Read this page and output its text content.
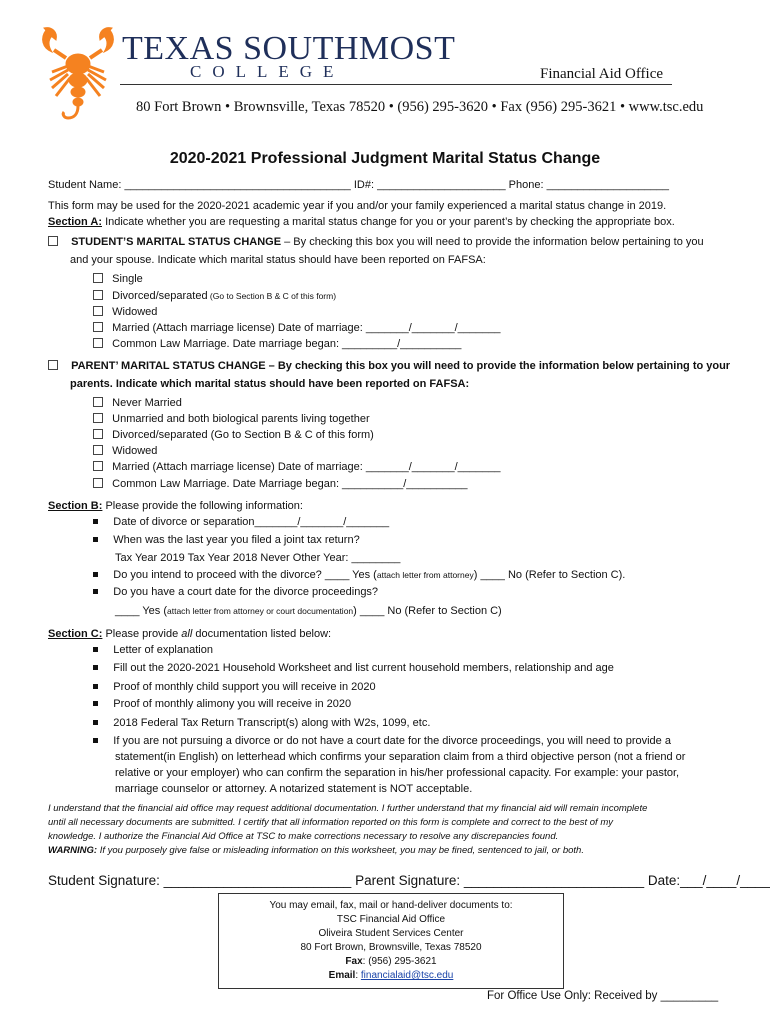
TEXAS SOUTHMOST
COLLEGE	Financial Aid Office
80 Fort Brown • Brownsville, Texas 78520 • (956) 295-3620 • Fax (956) 295-3621 • www.tsc.edu
2020-2021 Professional Judgment Marital Status Change
Student Name: _____________________________________ ID#: _____________________ Phone: ____________________
This form may be used for the 2020-2021 academic year if you and/or your family experienced a marital status change in 2019.
Section A: Indicate whether you are requesting a marital status change for you or your parent’s by checking the appropriate box.
STUDENT’S MARITAL STATUS CHANGE – By checking this box you will need to provide the information below pertaining to you
and your spouse. Indicate which marital status should have been reported on FAFSA:
Single
Divorced/separated (Go to Section B & C of this form)
Widowed
Married (Attach marriage license) Date of marriage: _______/_______/_______
Common Law Marriage. Date marriage began: _________/__________
PARENT’ MARITAL STATUS CHANGE – By checking this box you will need to provide the information below pertaining to your
parents. Indicate which marital status should have been reported on FAFSA:
Never Married
Unmarried and both biological parents living together
Divorced/separated (Go to Section B & C of this form)
Widowed
Married (Attach marriage license) Date of marriage: _______/_______/_______
Common Law Marriage. Date Marriage began: __________/__________
Section B: Please provide the following information:
Date of divorce or separation_______/_______/_______
When was the last year you filed a joint tax return?
Tax Year 2019 Tax Year 2018 Never Other Year: ________
Do you intend to proceed with the divorce? ____ Yes (attach letter from attorney) ____ No (Refer to Section C).
Do you have a court date for the divorce proceedings?
____ Yes (attach letter from attorney or court documentation) ____ No (Refer to Section C)
Section C: Please provide all documentation listed below:
Letter of explanation
Fill out the 2020-2021 Household Worksheet and list current household members, relationship and age
Proof of monthly child support you will receive in 2020
Proof of monthly alimony you will receive in 2020
2018 Federal Tax Return Transcript(s) along with W2s, 1099, etc.
If you are not pursuing a divorce or do not have a court date for the divorce proceedings, you will need to provide a
statement(in English) on letterhead which confirms your separation claim from a third objective person (not a friend or
relative or your employer) who can confirm the separation in his/her professional capacity. For example: your pastor,
marriage counselor or attorney. A notarized statement is NOT acceptable.
I understand that the financial aid office may request additional documentation. I further understand that my financial aid will remain incomplete
until all necessary documents are submitted. I certify that all information reported on this form is complete and correct to the best of my
knowledge. I authorize the Financial Aid Office at TSC to make corrections necessary to resolve any discrepancies found.
WARNING: If you purposely give false or misleading information on this worksheet, you may be fined, sentenced to jail, or both.
Student Signature: _________________________ Parent Signature: ________________________ Date:___/____/____
You may email, fax, mail or hand-deliver documents to:
TSC Financial Aid Office
Oliveira Student Services Center
80 Fort Brown, Brownsville, Texas 78520
Fax: (956) 295-3621
Email: financialaid@tsc.edu
For Office Use Only: Received by _________
